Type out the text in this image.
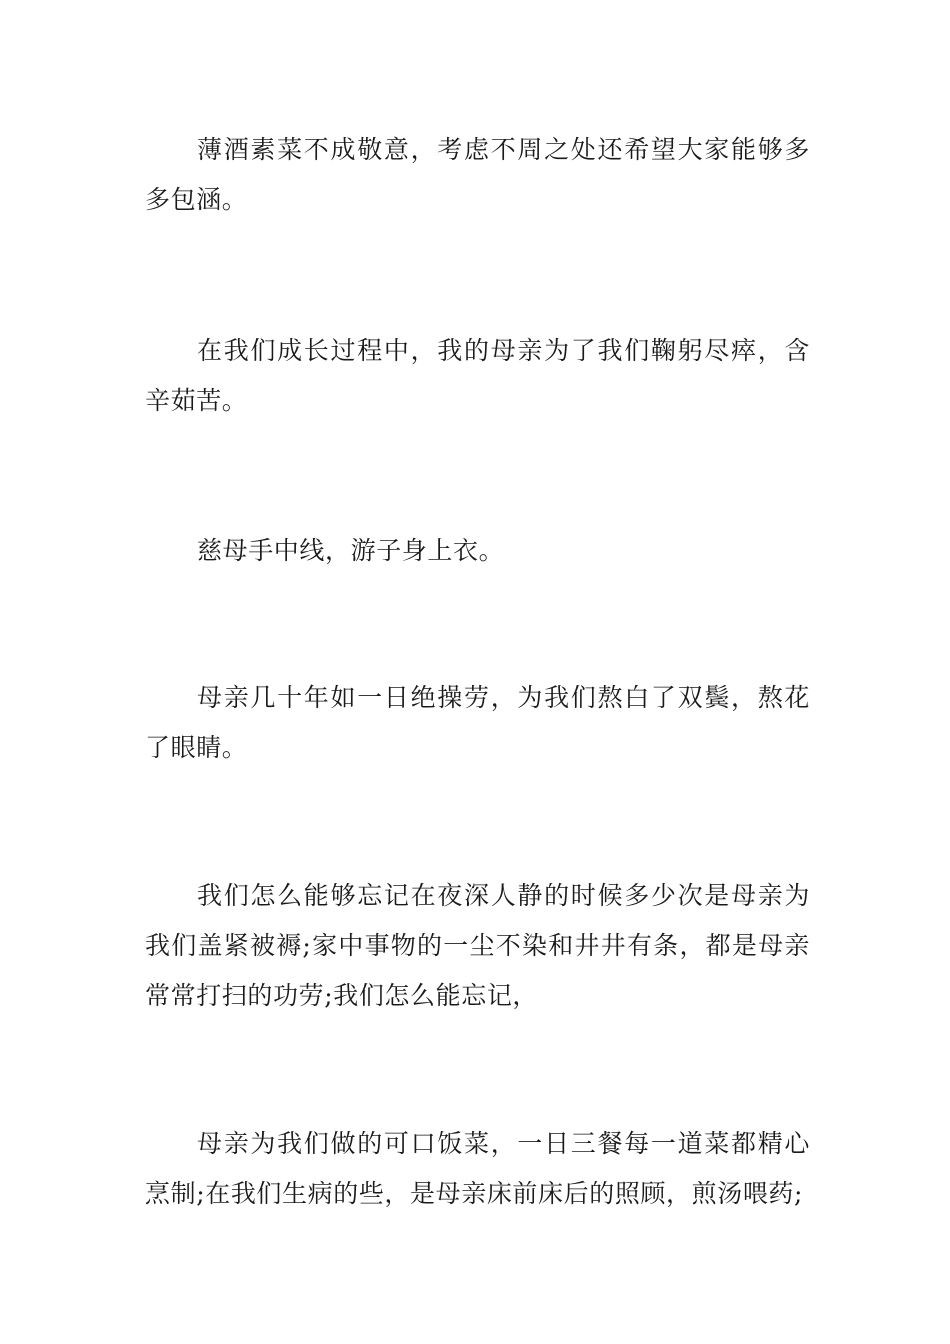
薄酒素菜不成敬意，考虑不周之处还希望大家能够多多包涵。

在我们成长过程中，我的母亲为了我们鞠躬尽瘁，含辛茹苦。

慈母手中线，游子身上衣。

母亲几十年如一日绝操劳，为我们熬白了双鬓，熬花了眼睛。

我们怎么能够忘记在夜深人静的时候多少次是母亲为我们盖紧被褥;家中事物的一尘不染和井井有条，都是母亲常常打扫的功劳;我们怎么能忘记，

母亲为我们做的可口饭菜，一日三餐每一道菜都精心烹制;在我们生病的些，是母亲床前床后的照顾，煎汤喂药;
